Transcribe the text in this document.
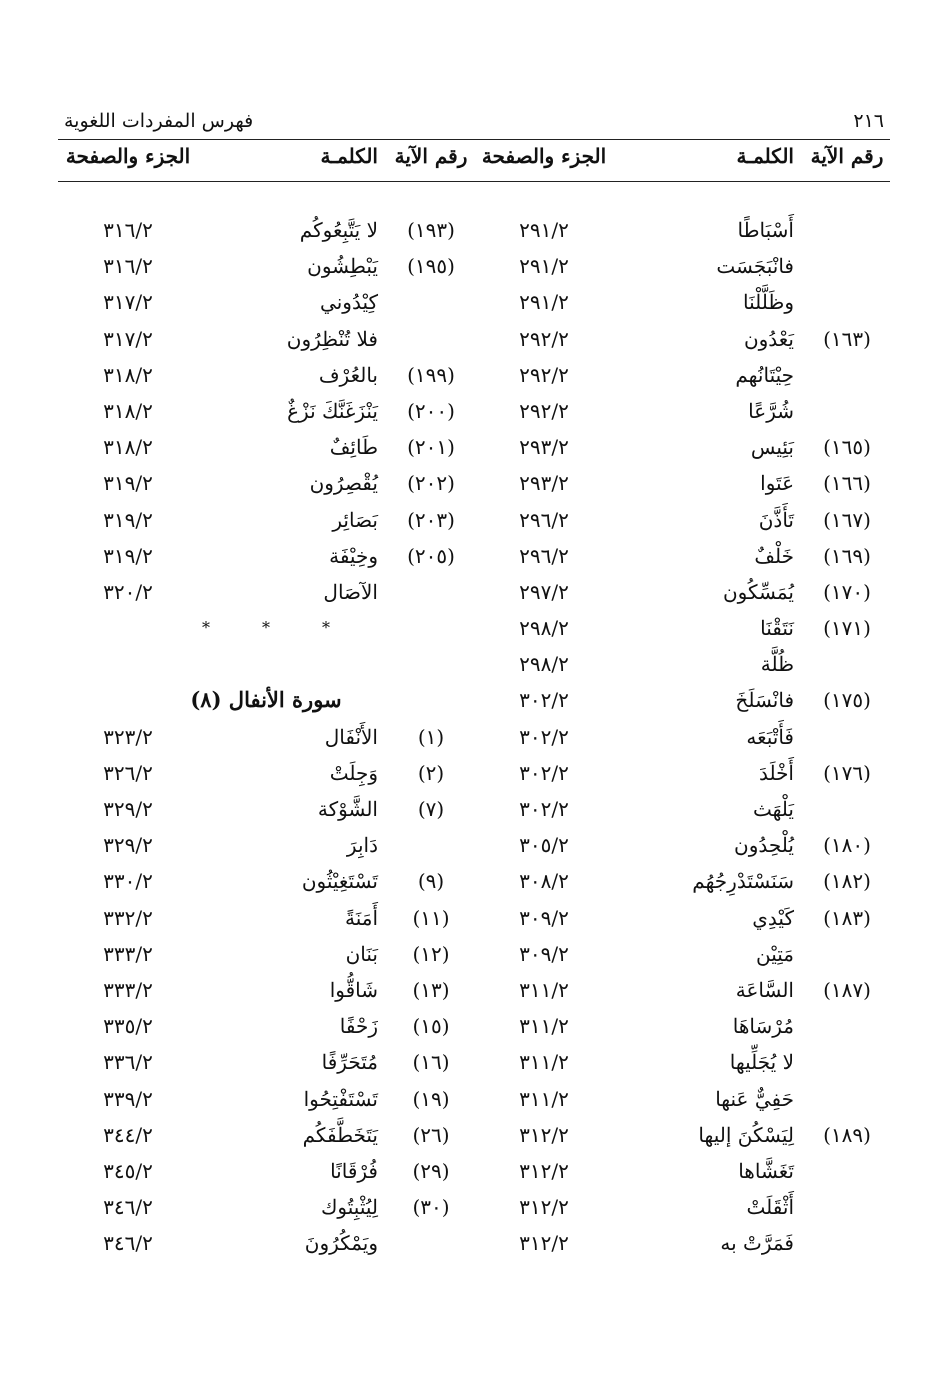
٢١٦
فهرس المفردات اللغوية
رقم الآية
الكلمـة
الجزء والصفحة
رقم الآية
الكلمـة
الجزء والصفحة
أَسْبَاطًا
٢٩١/٢
فانْبَجَسَت
٢٩١/٢
وظَلَّلْنَا
٢٩١/٢
(١٦٣)
يَعْدُون
٢٩٢/٢
حِيْتَانُهم
٢٩٢/٢
شُرَّعًا
٢٩٢/٢
(١٦٥)
بَئِيس
٢٩٣/٢
(١٦٦)
عَتَوا
٢٩٣/٢
(١٦٧)
تَأَذَّنَ
٢٩٦/٢
(١٦٩)
خَلْفٌ
٢٩٦/٢
(١٧٠)
يُمَسِّكُون
٢٩٧/٢
(١٧١)
نَتَقْنَا
٢٩٨/٢
ظُلَّة
٢٩٨/٢
(١٧٥)
فانْسَلَخَ
٣٠٢/٢
فَأَتْبَعَه
٣٠٢/٢
(١٧٦)
أَخْلَدَ
٣٠٢/٢
يَلْهَث
٣٠٢/٢
(١٨٠)
يُلْحِدُون
٣٠٥/٢
(١٨٢)
سَنَسْتَدْرِجُهُم
٣٠٨/٢
(١٨٣)
كَيْدِي
٣٠٩/٢
مَتِيْن
٣٠٩/٢
(١٨٧)
السَّاعَة
٣١١/٢
مُرْسَاهَا
٣١١/٢
لا يُجَلِّيها
٣١١/٢
حَفِيٌّ عَنها
٣١١/٢
(١٨٩)
لِيَسْكُنَ إليها
٣١٢/٢
تَغَشَّاها
٣١٢/٢
أَثْقَلَتْ
٣١٢/٢
فَمَرَّتْ به
٣١٢/٢
(١٩٣)
لا يَتَّبِعُوكُم
٣١٦/٢
(١٩٥)
يَبْطِشُون
٣١٦/٢
كِيْدُوني
٣١٧/٢
فلا تُنْظِرُون
٣١٧/٢
(١٩٩)
بالعُرْف
٣١٨/٢
(٢٠٠)
يَنْزَغَنَّكَ نَزْغٌ
٣١٨/٢
(٢٠١)
طَائِفٌ
٣١٨/٢
(٢٠٢)
يُقْصِرُون
٣١٩/٢
(٢٠٣)
بَصَائِر
٣١٩/٢
(٢٠٥)
وخِيْفَة
٣١٩/٢
الآصَال
٣٢٠/٢
***
سورة الأنفال (٨)
(١)
الأَنْفَال
٣٢٣/٢
(٢)
وَجِلَتْ
٣٢٦/٢
(٧)
الشَّوْكة
٣٢٩/٢
دَابِرَ
٣٢٩/٢
(٩)
تَسْتَغِيْثُون
٣٣٠/٢
(١١)
أَمَنَةً
٣٣٢/٢
(١٢)
بَنَان
٣٣٣/٢
(١٣)
شَاقُّوا
٣٣٣/٢
(١٥)
زَحْفًا
٣٣٥/٢
(١٦)
مُتَحَرِّفًا
٣٣٦/٢
(١٩)
تَسْتَفْتِحُوا
٣٣٩/٢
(٢٦)
يَتَخَطَّفَكُم
٣٤٤/٢
(٢٩)
فُرْقَانًا
٣٤٥/٢
(٣٠)
لِيُثْبِتُوك
٣٤٦/٢
ويَمْكُرُونَ
٣٤٦/٢
